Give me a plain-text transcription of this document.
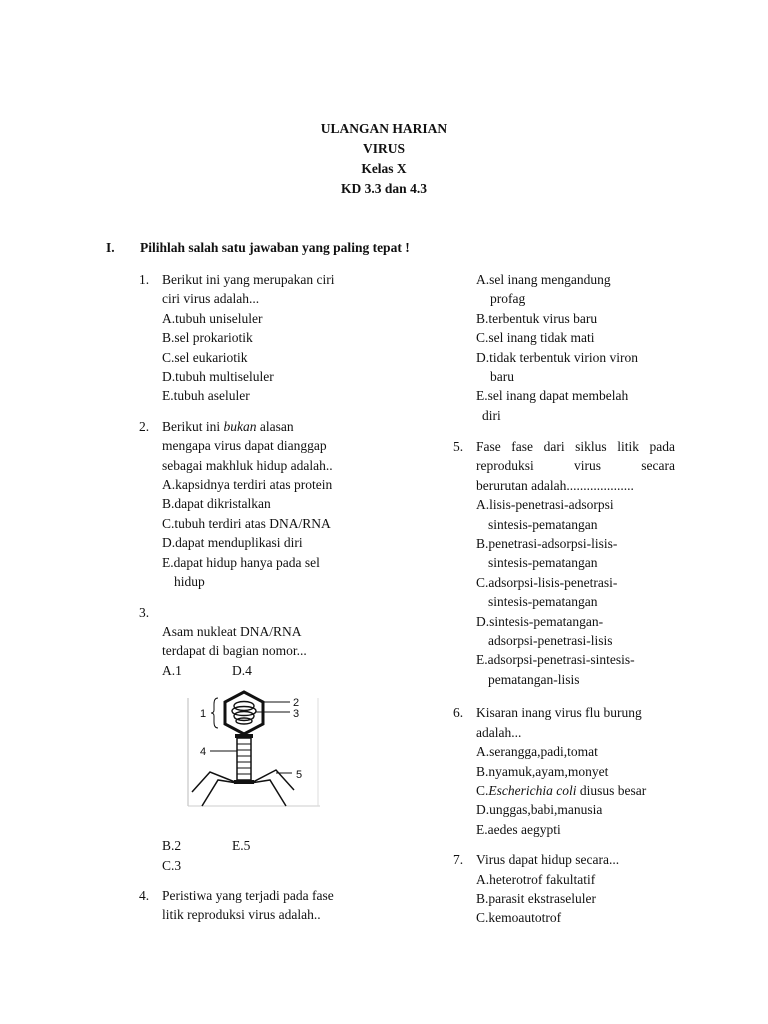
ULANGAN HARIAN
VIRUS
Kelas X
KD 3.3 dan 4.3
I. Pilihlah salah satu jawaban yang paling tepat !
1. Berikut ini yang merupakan ciri
ciri virus adalah...
A.tubuh uniseluler
B.sel prokariotik
C.sel eukariotik
D.tubuh multiseluler
E.tubuh aseluler
2. Berikut ini bukan alasan
mengapa virus dapat dianggap
sebagai makhluk hidup adalah..
A.kapsidnya terdiri atas protein
B.dapat dikristalkan
C.tubuh terdiri atas DNA/RNA
D.dapat menduplikasi diri
E.dapat hidup hanya pada sel
hidup
3.
Asam nukleat DNA/RNA
terdapat di bagian nomor...
A.1	D.4
1
2
3
4
5
B.2	E.5
C.3
4. Peristiwa yang terjadi pada fase
litik reproduksi virus adalah..
A.sel inang mengandung
profag
B.terbentuk virus baru
C.sel inang tidak mati
D.tidak terbentuk virion viron
baru
E.sel inang dapat membelah
diri
5. Fase fase dari siklus litik pada
reproduksi virus secara
berurutan adalah....................
A.lisis-penetrasi-adsorpsi
sintesis-pematangan
B.penetrasi-adsorpsi-lisis-
sintesis-pematangan
C.adsorpsi-lisis-penetrasi-
sintesis-pematangan
D.sintesis-pematangan-
adsorpsi-penetrasi-lisis
E.adsorpsi-penetrasi-sintesis-
pematangan-lisis
6. Kisaran inang virus flu burung
adalah...
A.serangga,padi,tomat
B.nyamuk,ayam,monyet
C.Escherichia coli diusus besar
D.unggas,babi,manusia
E.aedes aegypti
7. Virus dapat hidup secara...
A.heterotrof fakultatif
B.parasit ekstraseluler
C.kemoautotrof
